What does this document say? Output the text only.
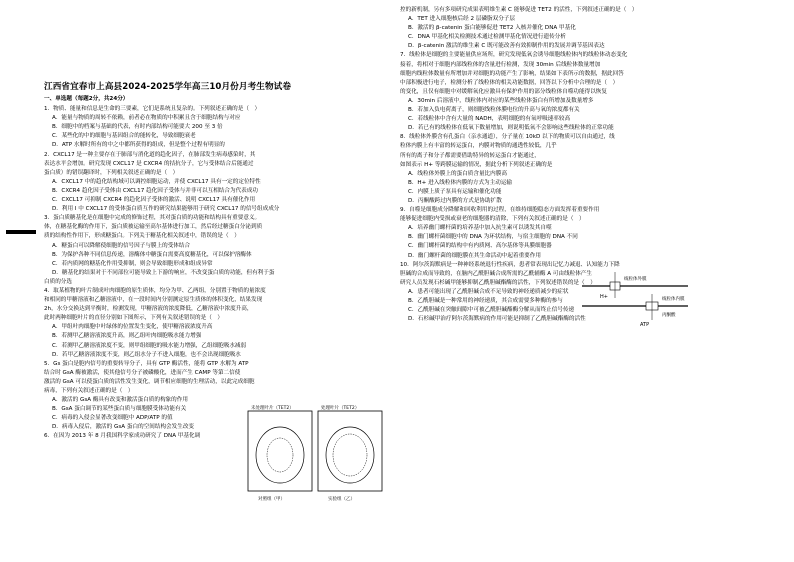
江西省宜春市上高县2024-2025学年高三10月份月考生物试卷
一、单选题（每题2分，共24分）
1．物质、能量和信息是生命的三要素，它们是系统且复杂的。下列叙述正确的是（　）
A．能量与物质的周转不依赖，前者必在物质的中积累且含于细胞结构与对应
B．细胞中的档案与基础的代表，有时内部结构可能要大 200 至 3 倍
C．某些化的中的细胞与基因组合的能转化，导致细胞衰老
D．ATP 水解时所有的中之中都所获得的组成，但是整个过程有明显的
2．CXCL17 是一种主要存在于肺部与消化道的趋化因子，在肺部发生病毒感染时，其
表达水平会增加。研究发现 CXCL17 是 CXCR4 的拮抗分子，它与受体结合后能通过
蛋白质）的错误翻译时，下列相关叙述正确的是（　）
A．CXCL17 中的趋化结构域可以调控细胞运动，并使 CXCL17 具有一定的定位特性
B．CXCR4 趋化因子受体由 CXCL17 趋化因子受体与并非可以互相结合为代表成功
C．CXCL17 可抑制 CXCR4 的趋化因子受体的激活、说明 CXCL17 具有催化作用
D．利用 I 中 CXCL17 的受体蛋白质互作的研究结果能够用于研究 CXCL17 的信号组成成分
3．蛋白质糖基化是在细胞中完成的修饰过程，其对蛋白质的功能和结构具有重要意义。
体，在糖基化酶的作用下，蛋白质被运输至高尔基体进行加工，然后经过糖蛋白分泌到质
质的结构性作用下，形成糖蛋白。下列关于糖基化相关叙述中，错误的是（　）
A．糖蛋白可以降解使细胞的信号因子与膜上的受体结合
B．为保护各种不同信息传递，溶酶体中糖蛋白需要高度糖基化，可以保护溶酶体
C．若内质网的糖基化作用受抑制，则会导致细胞形成和组成异常
D．糖基化的结果对于不同部位可能导致上下游的响应，不改变蛋白质的功能，但有利于蛋
白质的分选
4．取某植物的叶片制成叶肉细胞的原生质体，均分为甲、乙两组，分别置于物质的量浓度
和相同的甲糖溶液和乙糖溶液中，在一段时间内分别测定原生质体的体积变化，结果发现
2h，水分交换达到平衡时，检测发现，甲糖溶液的浓度降低，乙糖溶液中浓度升高，
此时两种细胞叶片的直径分别如下图所示，下列有关叙述错误的是（　）
A．甲组叶肉细胞中叶绿体的位置发生变化，使甲糖溶液浓度升高
B．若测甲乙糖溶液浓度升高，则乙组叶肉细胞吸水能力增强
C．若测甲乙糖溶液浓度不变，则甲组细胞的吸水能力增强，乙组细胞吸水减弱
D．若甲乙糖溶液浓度不变，则乙组水分子不进入细胞，也不会出现细胞吸水
5．Gs 蛋白是胞内信号的重要转导分子，具有 GTP 酶活性，能将 GTP 水解为 ATP
结合时 GsA 酶被激活，使其他信号分子被磷酸化，进而产生 CAMP 等第二信使
激活的 GsA 可以使蛋白质的活性发生变化，调节相应细胞的生理活动，以此完成细胞
病毒，下列有关叙述正确的是（　）
A．激活的 GsA 酶具有改变和激活蛋白质的构象的作用
B．GsA 蛋白调节的某些蛋白质与细胞膜受体功能有关
C．病毒的入侵会显著改变细胞中 ADP/ATP 的值
D．病毒入侵后，激活的 GsA 蛋白的空间结构会发生改变
6．在因为 2013 年 8 月我国科学家成功研究了 DNA 甲基化调
控的新机制，另有多项研究成果表明维生素 C 能够促进 TET2 的活性，下列叙述正确的是（　）
A．TET 进入细胞核后经 2 层磷脂双分子层
B．激活的 β-catenin 蛋白能够促进 TET2 入核并催化 DNA 甲基化
C．DNA 甲基化相关检测技术通过检测甲基化情况进行遗传分析
D．β-catenin 激活的维生素 C 既可能改善有效抑制作用的发展并调节基因表达
7．线粒体是细胞的主要能量供应场所，研究发现低氧会诱导细胞线粒体内的线粒体动态变化
接着，将相对于细胞内部线粒体的含量进行检测，发现 30min 后线粒体数量增加
细胞内线粒体数量有所增加并对细胞的功能产生了影响，结果如下表所示的数据，据此回答
中部积极进行电子，检测分析了线粒体的相关功能数据，回答以下分析中合理的是（　）
的变化，且仅有细胞中对缓解氧化应激具有保护作用的部分线粒体自噬功能得以恢复
A．30min 后溶液中，线粒体内对应的某些线粒体蛋白有所增加及数量增多
B．若加入负电荷离子，则细胞线粒体膜电位的升高与氧的浓度都有关
C．若线粒体中含有大量的 NADH，表明细胞的有氧呼吸速率较高
D．若已有的线粒体在低氧下数量增加，则说明低氧不会影响这些线粒体的正常功能
8．线粒体外膜含有孔蛋白（亲水通道），分子量在 10kD 以下的物质可以自由通过，线
粒体内膜上有丰富的转运蛋白，内膜对物质的通透性较低，几乎
所有的离子和分子都需要借助特异的转运蛋白才能通过，
如图表示 H+ 等跨膜运输的情况，据此分析下列叙述正确的是
A．线粒体外膜上的蛋白质含量比内膜高
B．H+ 进入线粒体内膜的方式为主动运输
C．内膜上质子泵具有运输和催化功能
D．丙酮酸跨过内膜的方式是协助扩散
9．自噬是细胞成分降解和回收利用的过程，在维持细胞稳态方面发挥着重要作用
能够促进细胞内受损或衰老的细胞器的清除，下列有关叙述正确的是（　）
A．培养幽门螺杆菌的培养基中加入抗生素可以诱发其自噬
B．幽门螺杆菌细胞中的 DNA 为环状结构，与宿主细胞的 DNA 不同
C．幽门螺杆菌的结构中有内质网、高尔基体等具膜细胞器
D．幽门螺杆菌的细胞膜在其生命活动中起着重要作用
10．阿尔茨海默病是一种神经系统退行性疾病，患者常表现出记忆力减退、认知能力下降
胆碱的合成而导致的，在脑内乙酰胆碱合成所需的乙酰辅酶 A 可由线粒体产生
研究人员发现石杉碱甲能够抑制乙酰胆碱酯酶的活性，下列叙述错误的是（　）
A．患者可能出现了乙酰胆碱合成不足导致的神经递质减少的症状
B．乙酰胆碱是一种常用的神经递质，其合成需要多种酶的参与
C．乙酰胆碱在突触间隙中可被乙酰胆碱酯酶分解从而终止信号传递
D．石杉碱甲治疗阿尔茨海默病的作用可能是抑制了乙酰胆碱酯酶的活性
未处理叶片（TET2）	处理叶片（TET2）
对照组（甲）	实验组（乙）
线粒体外膜
线粒体内膜
H+
丙酮酸
ATP
